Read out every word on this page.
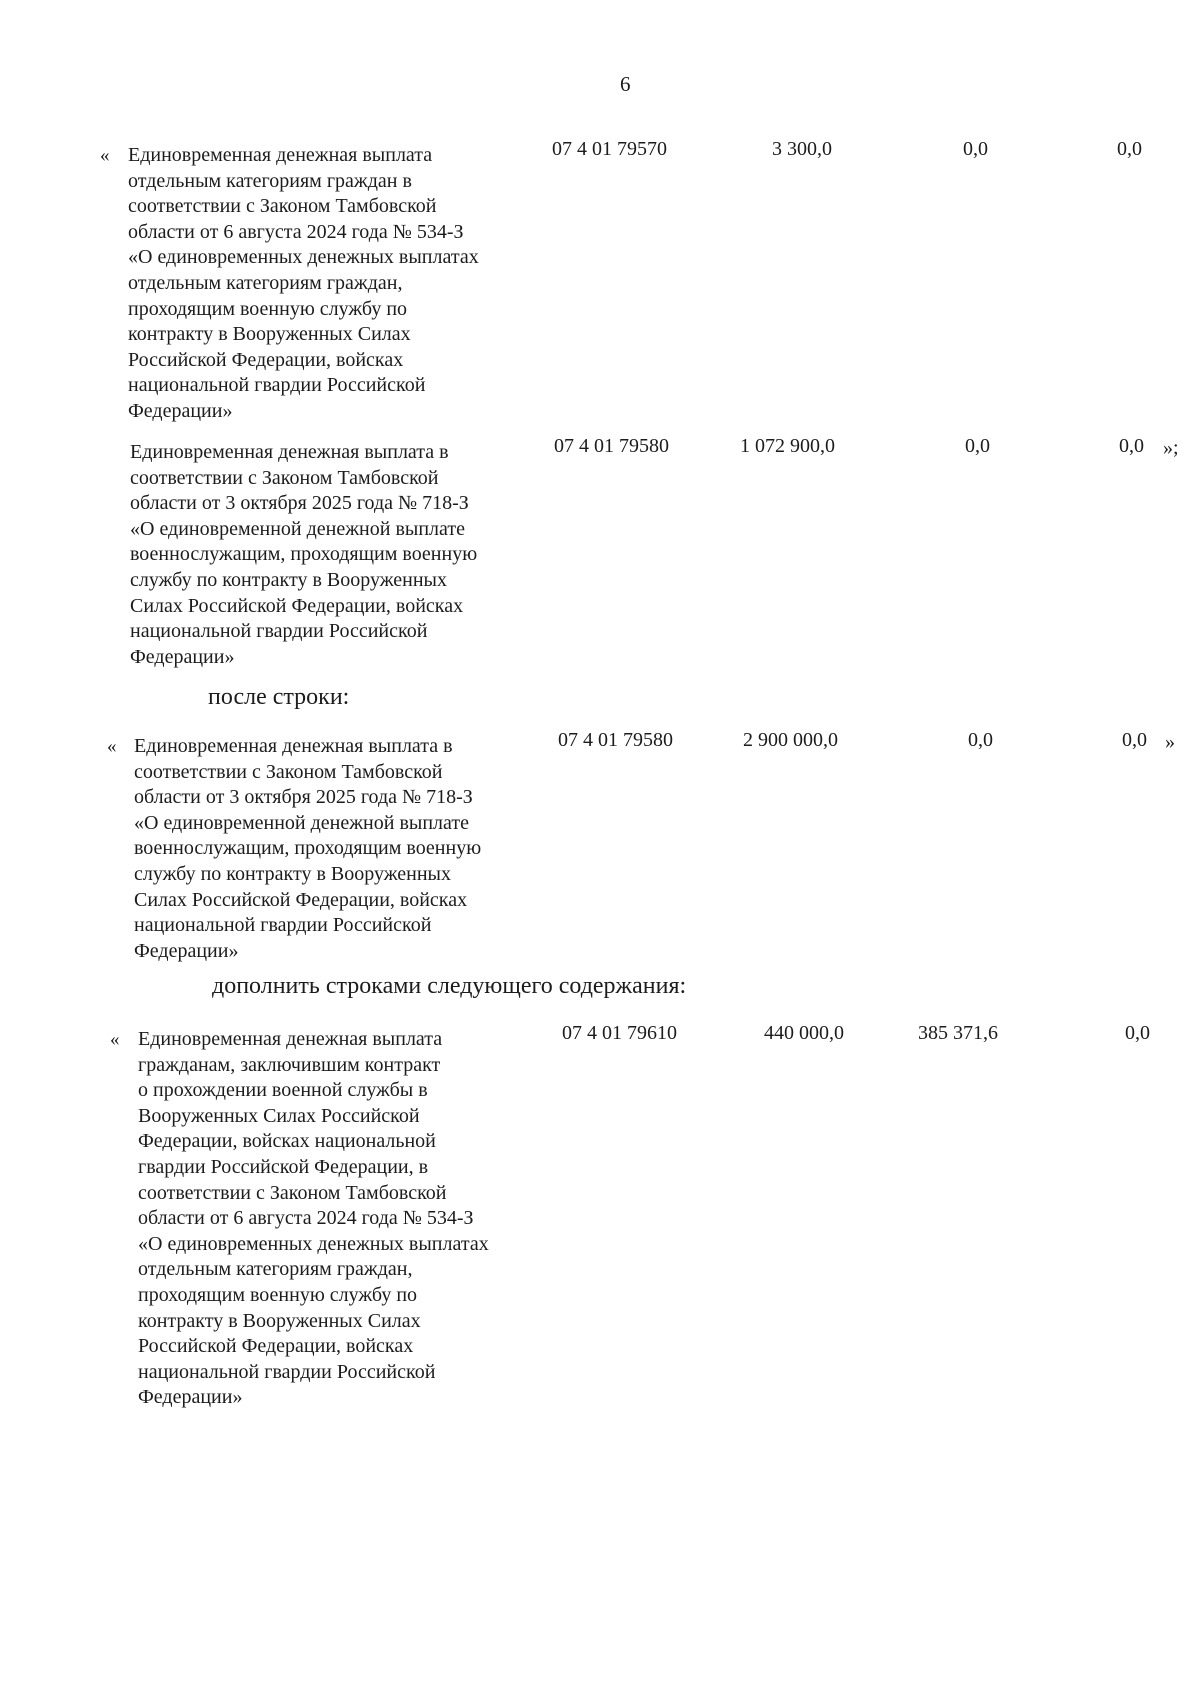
6
« Единовременная денежная выплата
отдельным категориям граждан в
соответствии с Законом Тамбовской
области от 6 августа 2024 года № 534-З
«О единовременных денежных выплатах
отдельным категориям граждан,
проходящим военную службу по
контракту в Вооруженных Силах
Российской Федерации, войсках
национальной гвардии Российской
Федерации»
07 4 01 79570	3 300,0	0,0	0,0
Единовременная денежная выплата в
соответствии с Законом Тамбовской
области от 3 октября 2025 года № 718-З
«О единовременной денежной выплате
военнослужащим, проходящим военную
службу по контракту в Вооруженных
Силах Российской Федерации, войсках
национальной гвардии Российской
Федерации»
07 4 01 79580	1 072 900,0	0,0	0,0 »;
после строки:
« Единовременная денежная выплата в
соответствии с Законом Тамбовской
области от 3 октября 2025 года № 718-З
«О единовременной денежной выплате
военнослужащим, проходящим военную
службу по контракту в Вооруженных
Силах Российской Федерации, войсках
национальной гвардии Российской
Федерации»
07 4 01 79580	2 900 000,0	0,0	0,0 »
дополнить строками следующего содержания:
« Единовременная денежная выплата
гражданам, заключившим контракт
о прохождении военной службы в
Вооруженных Силах Российской
Федерации, войсках национальной
гвардии Российской Федерации, в
соответствии с Законом Тамбовской
области от 6 августа 2024 года № 534-З
«О единовременных денежных выплатах
отдельным категориям граждан,
проходящим военную службу по
контракту в Вооруженных Силах
Российской Федерации, войсках
национальной гвардии Российской
Федерации»
07 4 01 79610	440 000,0	385 371,6	0,0
